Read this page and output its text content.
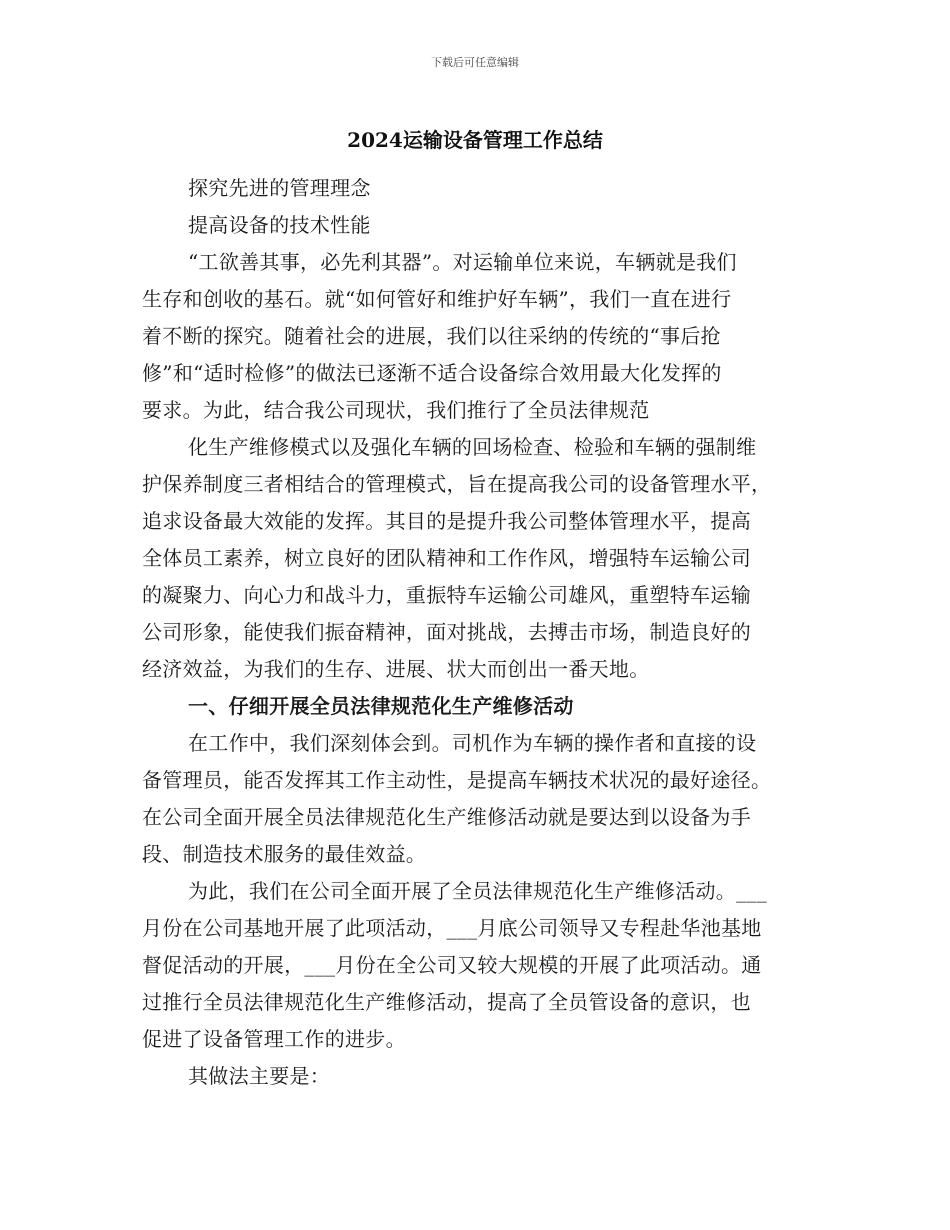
下载后可任意编辑
2024运输设备管理工作总结
探究先进的管理理念
提高设备的技术性能
“工欲善其事，必先利其器”。对运输单位来说，车辆就是我们
生存和创收的基石。就“如何管好和维护好车辆”，我们一直在进行
着不断的探究。随着社会的进展，我们以往采纳的传统的“事后抢
修”和“适时检修”的做法已逐渐不适合设备综合效用最大化发挥的
要求。为此，结合我公司现状，我们推行了全员法律规范
化生产维修模式以及强化车辆的回场检查、检验和车辆的强制维
护保养制度三者相结合的管理模式，旨在提高我公司的设备管理水平，
追求设备最大效能的发挥。其目的是提升我公司整体管理水平，提高
全体员工素养，树立良好的团队精神和工作作风，增强特车运输公司
的凝聚力、向心力和战斗力，重振特车运输公司雄风，重塑特车运输
公司形象，能使我们振奋精神，面对挑战，去搏击市场，制造良好的
经济效益，为我们的生存、进展、状大而创出一番天地。
一、仔细开展全员法律规范化生产维修活动
在工作中，我们深刻体会到。司机作为车辆的操作者和直接的设
备管理员，能否发挥其工作主动性，是提高车辆技术状况的最好途径。
在公司全面开展全员法律规范化生产维修活动就是要达到以设备为手
段、制造技术服务的最佳效益。
为此，我们在公司全面开展了全员法律规范化生产维修活动。___
月份在公司基地开展了此项活动，___月底公司领导又专程赴华池基地
督促活动的开展，___月份在全公司又较大规模的开展了此项活动。通
过推行全员法律规范化生产维修活动，提高了全员管设备的意识，也
促进了设备管理工作的进步。
其做法主要是：
